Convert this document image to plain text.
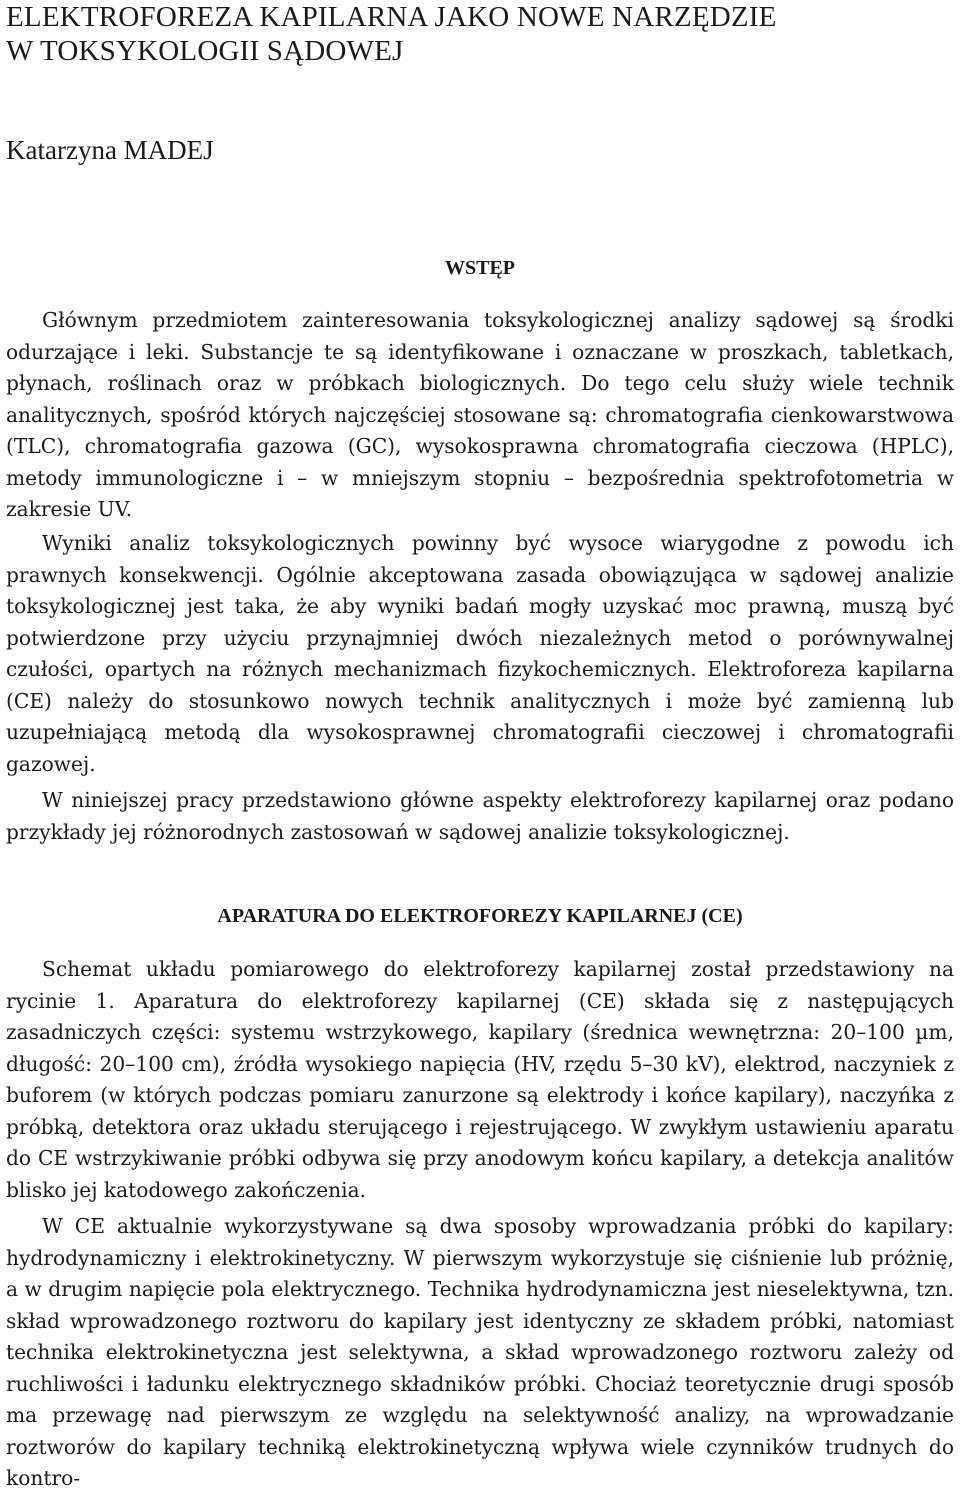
ELEKTROFOREZA KAPILARNA JAKO NOWE NARZĘDZIE
W TOKSYKOLOGII SĄDOWEJ

Katarzyna MADEJ

WSTĘP

Głównym przedmiotem zainteresowania toksykologicznej analizy sądowej są środki odurzające i leki. Substancje te są identyfikowane i oznaczane w proszkach, tabletkach, płynach, roślinach oraz w próbkach biologicznych. Do tego celu służy wiele technik analitycznych, spośród których najczęściej stosowane są: chromatografia cienkowarstwowa (TLC), chromatografia gazowa (GC), wysokosprawna chromatografia cieczowa (HPLC), metody immunologiczne i – w mniejszym stopniu – bezpośrednia spektrofotometria w zakresie UV.

Wyniki analiz toksykologicznych powinny być wysoce wiarygodne z powodu ich prawnych konsekwencji. Ogólnie akceptowana zasada obowiązująca w sądowej analizie toksykologicznej jest taka, że aby wyniki badań mogły uzyskać moc prawną, muszą być potwierdzone przy użyciu przynajmniej dwóch niezależnych metod o porównywalnej czułości, opartych na różnych mechanizmach fizykochemicznych. Elektroforeza kapilarna (CE) należy do stosunkowo nowych technik analitycznych i może być zamienną lub uzupełniającą metodą dla wysokosprawnej chromatografii cieczowej i chromatografii gazowej.

W niniejszej pracy przedstawiono główne aspekty elektroforezy kapilarnej oraz podano przykłady jej różnorodnych zastosowań w sądowej analizie toksykologicznej.

APARATURA DO ELEKTROFOREZY KAPILARNEJ (CE)

Schemat układu pomiarowego do elektroforezy kapilarnej został przedstawiony na rycinie 1. Aparatura do elektroforezy kapilarnej (CE) składa się z następujących zasadniczych części: systemu wstrzykowego, kapilary (średnica wewnętrzna: 20–100 µm, długość: 20–100 cm), źródła wysokiego napięcia (HV, rzędu 5–30 kV), elektrod, naczyniek z buforem (w których podczas pomiaru zanurzone są elektrody i końce kapilary), naczyńka z próbką, detektora oraz układu sterującego i rejestrującego. W zwykłym ustawieniu aparatu do CE wstrzykiwanie próbki odbywa się przy anodowym końcu kapilary, a detekcja analitów blisko jej katodowego zakończenia.

W CE aktualnie wykorzystywane są dwa sposoby wprowadzania próbki do kapilary: hydrodynamiczny i elektrokinetyczny. W pierwszym wykorzystuje się ciśnienie lub próżnię, a w drugim napięcie pola elektrycznego. Technika hydrodynamiczna jest nieselektywna, tzn. skład wprowadzonego roztworu do kapilary jest identyczny ze składem próbki, natomiast technika elektrokinetyczna jest selektywna, a skład wprowadzonego roztworu zależy od ruchliwości i ładunku elektrycznego składników próbki. Chociaż teoretycznie drugi sposób ma przewagę nad pierwszym ze względu na selektywność analizy, na wprowadzanie roztworów do kapilary techniką elektrokinetyczną wpływa wiele czynników trudnych do kontro-
